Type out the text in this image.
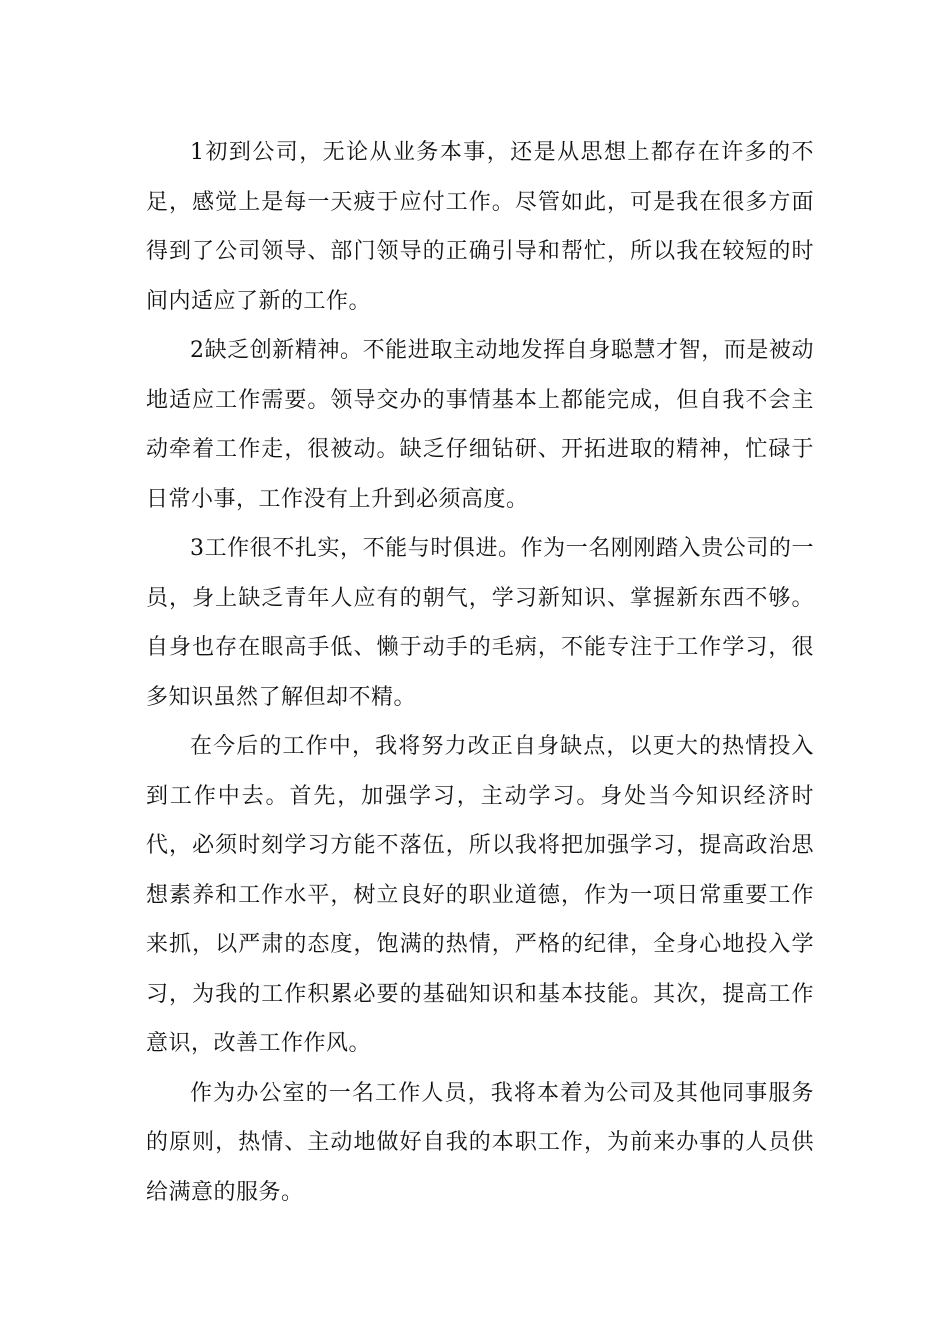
1初到公司，无论从业务本事，还是从思想上都存在许多的不足，感觉上是每一天疲于应付工作。尽管如此，可是我在很多方面得到了公司领导、部门领导的正确引导和帮忙，所以我在较短的时间内适应了新的工作。

2缺乏创新精神。不能进取主动地发挥自身聪慧才智，而是被动地适应工作需要。领导交办的事情基本上都能完成，但自我不会主动牵着工作走，很被动。缺乏仔细钻研、开拓进取的精神，忙碌于日常小事，工作没有上升到必须高度。

3工作很不扎实，不能与时俱进。作为一名刚刚踏入贵公司的一员，身上缺乏青年人应有的朝气，学习新知识、掌握新东西不够。自身也存在眼高手低、懒于动手的毛病，不能专注于工作学习，很多知识虽然了解但却不精。

在今后的工作中，我将努力改正自身缺点，以更大的热情投入到工作中去。首先，加强学习，主动学习。身处当今知识经济时代，必须时刻学习方能不落伍，所以我将把加强学习，提高政治思想素养和工作水平，树立良好的职业道德，作为一项日常重要工作来抓，以严肃的态度，饱满的热情，严格的纪律，全身心地投入学习，为我的工作积累必要的基础知识和基本技能。其次，提高工作意识，改善工作作风。

作为办公室的一名工作人员，我将本着为公司及其他同事服务的原则，热情、主动地做好自我的本职工作，为前来办事的人员供给满意的服务。
